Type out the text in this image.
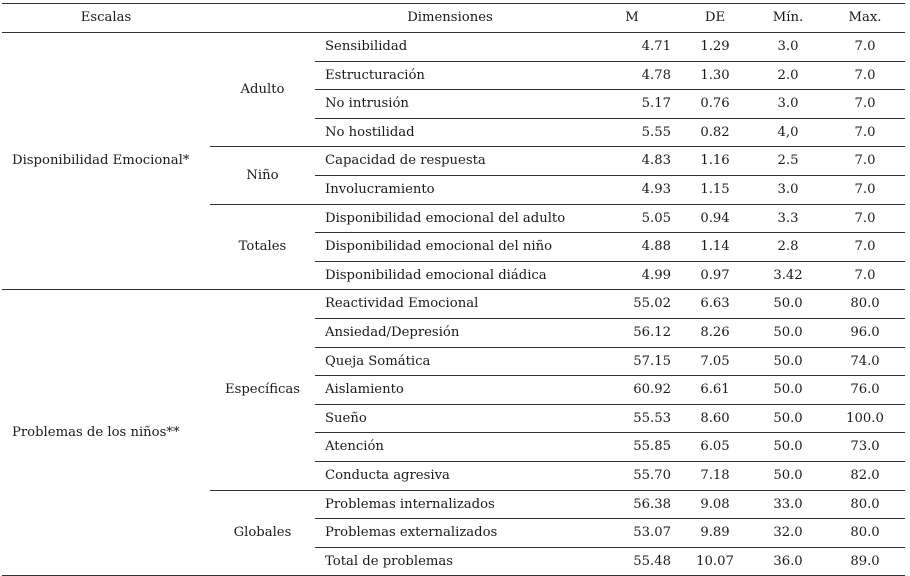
Escalas		Dimensiones	M	DE	Mín.	Max.
Disponibilidad Emocional*	Adulto	Sensibilidad	4.71	1.29	3.0	7.0
		Estructuración	4.78	1.30	2.0	7.0
		No intrusión	5.17	0.76	3.0	7.0
		No hostilidad	5.55	0.82	4,0	7.0
	Niño	Capacidad de respuesta	4.83	1.16	2.5	7.0
		Involucramiento	4.93	1.15	3.0	7.0
	Totales	Disponibilidad emocional del adulto	5.05	0.94	3.3	7.0
		Disponibilidad emocional del niño	4.88	1.14	2.8	7.0
		Disponibilidad emocional diádica	4.99	0.97	3.42	7.0
Problemas de los niños**	Específicas	Reactividad Emocional	55.02	6.63	50.0	80.0
		Ansiedad/Depresión	56.12	8.26	50.0	96.0
		Queja Somática	57.15	7.05	50.0	74.0
		Aislamiento	60.92	6.61	50.0	76.0
		Sueño	55.53	8.60	50.0	100.0
		Atención	55.85	6.05	50.0	73.0
		Conducta agresiva	55.70	7.18	50.0	82.0
	Globales	Problemas internalizados	56.38	9.08	33.0	80.0
		Problemas externalizados	53.07	9.89	32.0	80.0
		Total de problemas	55.48	10.07	36.0	89.0
